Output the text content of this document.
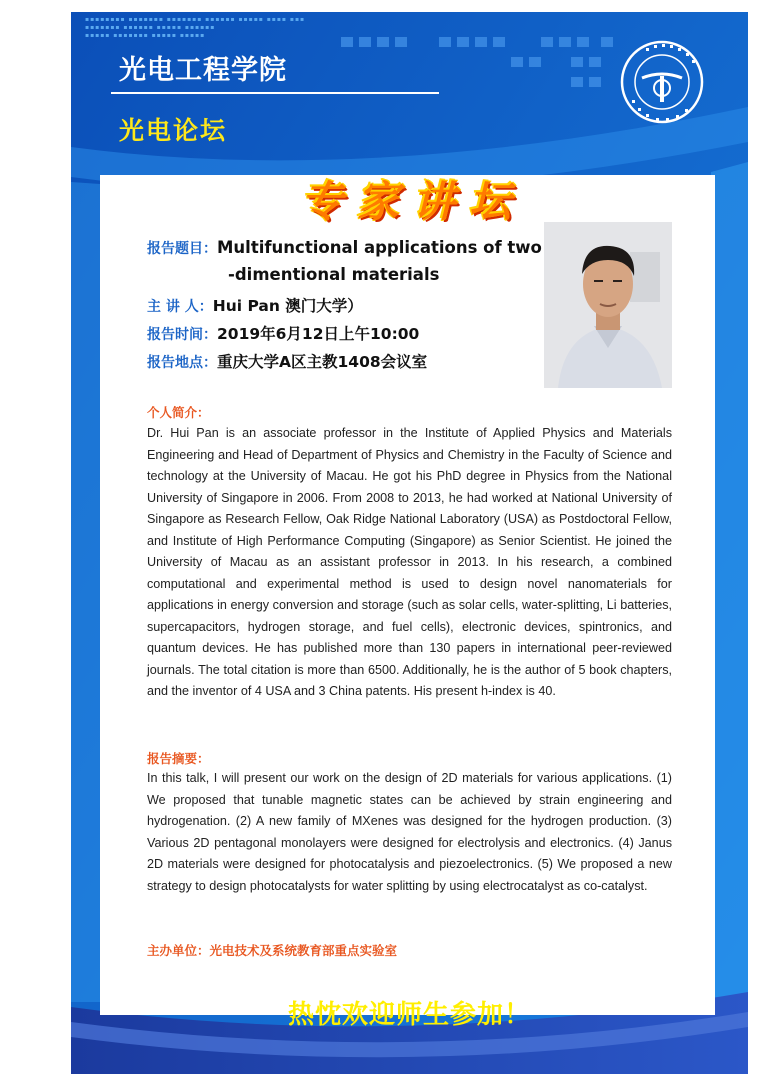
▪▪▪▪▪▪▪▪ ▪▪▪▪▪▪▪ ▪▪▪▪▪▪▪ ▪▪▪▪▪▪ ▪▪▪▪▪ ▪▪▪▪ ▪▪▪
▪▪▪▪▪▪▪ ▪▪▪▪▪▪ ▪▪▪▪▪ ▪▪▪▪▪▪
▪▪▪▪▪ ▪▪▪▪▪▪▪ ▪▪▪▪▪ ▪▪▪▪▪
光电工程学院
光电论坛
专家讲坛
报告题目：Multifunctional applications of two
-dimentional materials
主 讲 人：Hui Pan 澳门大学）
报告时间：2019年6月12日上午10:00
报告地点：重庆大学A区主教1408会议室
个人简介：
Dr. Hui Pan is an associate professor in the Institute of Applied Physics and Materials Engineering and Head of Department of Physics and Chemistry in the Faculty of Science and technology at the University of Macau. He got his PhD degree in Physics from the National University of Singapore in 2006. From 2008 to 2013, he had worked at National University of Singapore as Research Fellow, Oak Ridge National Laboratory (USA) as Postdoctoral Fellow, and Institute of High Performance Computing (Singapore) as Senior Scientist. He joined the University of Macau as an assistant professor in 2013. In his research, a combined computational and experimental method is used to design novel nanomaterials for applications in energy conversion and storage (such as solar cells, water-splitting, Li batteries, supercapacitors, hydrogen storage, and fuel cells), electronic devices, spintronics, and quantum devices. He has published more than 130 papers in international peer-reviewed journals. The total citation is more than 6500. Additionally, he is the author of 5 book chapters, and the inventor of 4 USA and 3 China patents. His present h-index is 40.
报告摘要：
In this talk, I will present our work on the design of 2D materials for various applications. (1) We proposed that tunable magnetic states can be achieved by strain engineering and hydrogenation. (2) A new family of MXenes was designed for the hydrogen production. (3) Various 2D pentagonal monolayers were designed for electrolysis and electronics. (4) Janus 2D materials were designed for photocatalysis and piezoelectronics. (5) We proposed a new strategy to design photocatalysts for water splitting by using electrocatalyst as co-catalyst.
主办单位：光电技术及系统教育部重点实验室
热忱欢迎师生参加！
